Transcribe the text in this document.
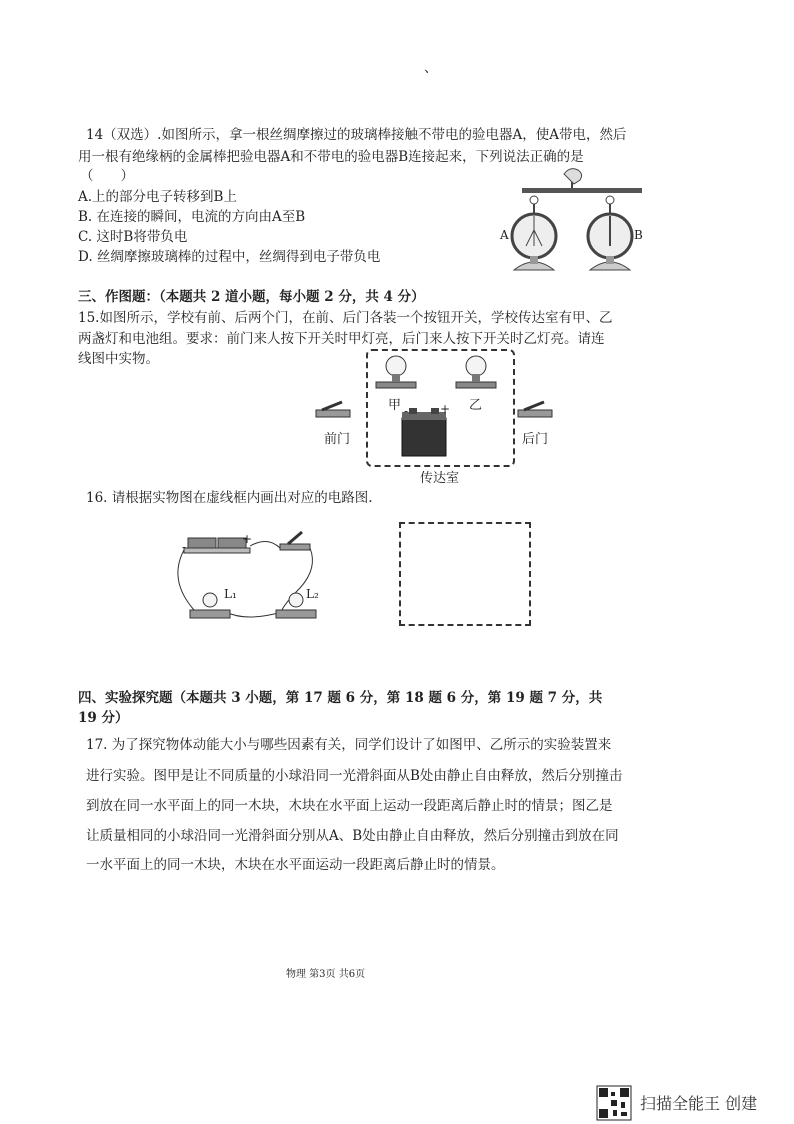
、
14（双选）.如图所示，拿一根丝绸摩擦过的玻璃棒接触不带电的验电器A，使A带电，然后
用一根有绝缘柄的金属棒把验电器A和不带电的验电器B连接起来，下列说法正确的是
（　　）
A.上的部分电子转移到B上
B. 在连接的瞬间，电流的方向由A至B
C. 这时B将带负电
D. 丝绸摩擦玻璃棒的过程中，丝绸得到电子带负电
A	B
三、作图题：（本题共 2 道小题，每小题 2 分，共 4 分）
15.如图所示，学校有前、后两个门，在前、后门各装一个按钮开关，学校传达室有甲、乙
两盏灯和电池组。要求：前门来人按下开关时甲灯亮，后门来人按下开关时乙灯亮。请连
线图中实物。
甲	乙
-	+
前门	后门
传达室
16. 请根据实物图在虚线框内画出对应的电路图.
L₁	L₂
-
+
四、实验探究题（本题共 3 小题，第 17 题 6 分，第 18 题 6 分，第 19 题 7 分，共
19 分）
17. 为了探究物体动能大小与哪些因素有关，同学们设计了如图甲、乙所示的实验装置来
进行实验。图甲是让不同质量的小球沿同一光滑斜面从B处由静止自由释放，然后分别撞击
到放在同一水平面上的同一木块，木块在水平面上运动一段距离后静止时的情景；图乙是
让质量相同的小球沿同一光滑斜面分别从A、B处由静止自由释放，然后分别撞击到放在同
一水平面上的同一木块，木块在水平面运动一段距离后静止时的情景。
物理 第3页 共6页
扫描全能王 创建
